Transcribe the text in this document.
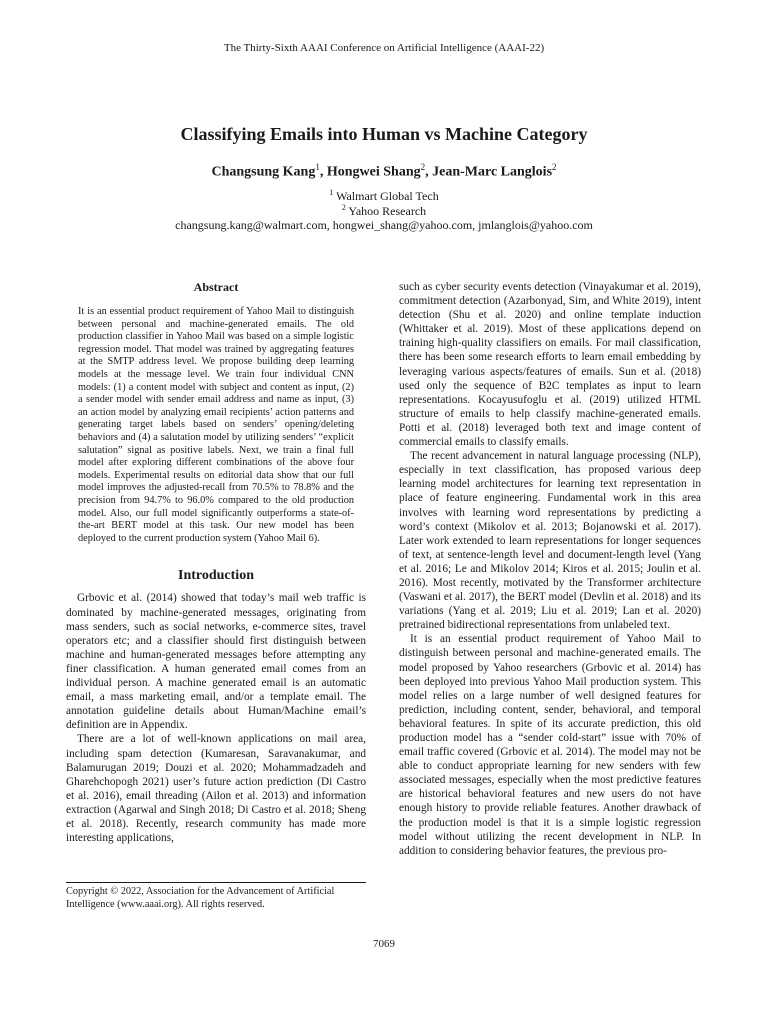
The Thirty-Sixth AAAI Conference on Artificial Intelligence (AAAI-22)
Classifying Emails into Human vs Machine Category
Changsung Kang$^1$, Hongwei Shang$^2$, Jean-Marc Langlois$^2$
$^1$ Walmart Global Tech
$^2$ Yahoo Research
changsung.kang@walmart.com, hongwei_shang@yahoo.com, jmlanglois@yahoo.com
Abstract

It is an essential product requirement of Yahoo Mail to distinguish between personal and machine-generated emails. The old production classifier in Yahoo Mail was based on a simple logistic regression model. That model was trained by aggregating features at the SMTP address level. We propose building deep learning models at the message level. We train four individual CNN models: (1) a content model with subject and content as input, (2) a sender model with sender email address and name as input, (3) an action model by analyzing email recipients’ action patterns and generating target labels based on senders’ opening/deleting behaviors and (4) a salutation model by utilizing senders’ “explicit salutation” signal as positive labels. Next, we train a final full model after exploring different combinations of the above four models. Experimental results on editorial data show that our full model improves the adjusted-recall from 70.5% to 78.8% and the precision from 94.7% to 96.0% compared to the old production model. Also, our full model significantly outperforms a state-of-the-art BERT model at this task. Our new model has been deployed to the current production system (Yahoo Mail 6).

Introduction

Grbovic et al. (2014) showed that today’s mail web traffic is dominated by machine-generated messages, originating from mass senders, such as social networks, e-commerce sites, travel operators etc; and a classifier should first distinguish between machine and human-generated messages before attempting any finer classification. A human generated email comes from an individual person. A machine generated email is an automatic email, a mass marketing email, and/or a template email. The annotation guideline details about Human/Machine email’s definition are in Appendix.

There are a lot of well-known applications on mail area, including spam detection (Kumaresan, Saravanakumar, and Balamurugan 2019; Douzi et al. 2020; Mohammadzadeh and Gharehchopogh 2021) user’s future action prediction (Di Castro et al. 2016), email threading (Ailon et al. 2013) and information extraction (Agarwal and Singh 2018; Di Castro et al. 2018; Sheng et al. 2018). Recently, research community has made more interesting applications,

such as cyber security events detection (Vinayakumar et al. 2019), commitment detection (Azarbonyad, Sim, and White 2019), intent detection (Shu et al. 2020) and online template induction (Whittaker et al. 2019). Most of these applications depend on training high-quality classifiers on emails. For mail classification, there has been some research efforts to learn email embedding by leveraging various aspects/features of emails. Sun et al. (2018) used only the sequence of B2C templates as input to learn representations. Kocayusufoglu et al. (2019) utilized HTML structure of emails to help classify machine-generated emails. Potti et al. (2018) leveraged both text and image content of commercial emails to classify emails.

The recent advancement in natural language processing (NLP), especially in text classification, has proposed various deep learning model architectures for learning text representation in place of feature engineering. Fundamental work in this area involves with learning word representations by predicting a word’s context (Mikolov et al. 2013; Bojanowski et al. 2017). Later work extended to learn representations for longer sequences of text, at sentence-length level and document-length level (Yang et al. 2016; Le and Mikolov 2014; Kiros et al. 2015; Joulin et al. 2016). Most recently, motivated by the Transformer architecture (Vaswani et al. 2017), the BERT model (Devlin et al. 2018) and its variations (Yang et al. 2019; Liu et al. 2019; Lan et al. 2020) pretrained bidirectional representations from unlabeled text.

It is an essential product requirement of Yahoo Mail to distinguish between personal and machine-generated emails. The model proposed by Yahoo researchers (Grbovic et al. 2014) has been deployed into previous Yahoo Mail production system. This model relies on a large number of well designed features for prediction, including content, sender, behavioral, and temporal behavioral features. In spite of its accurate prediction, this old production model has a “sender cold-start” issue with 70% of email traffic covered (Grbovic et al. 2014). The model may not be able to conduct appropriate learning for new senders with few associated messages, especially when the most predictive features are historical behavioral features and new users do not have enough history to provide reliable features. Another drawback of the production model is that it is a simple logistic regression model without utilizing the recent development in NLP. In addition to considering behavior features, the previous pro-

Copyright © 2022, Association for the Advancement of Artificial Intelligence (www.aaai.org). All rights reserved.
7069
